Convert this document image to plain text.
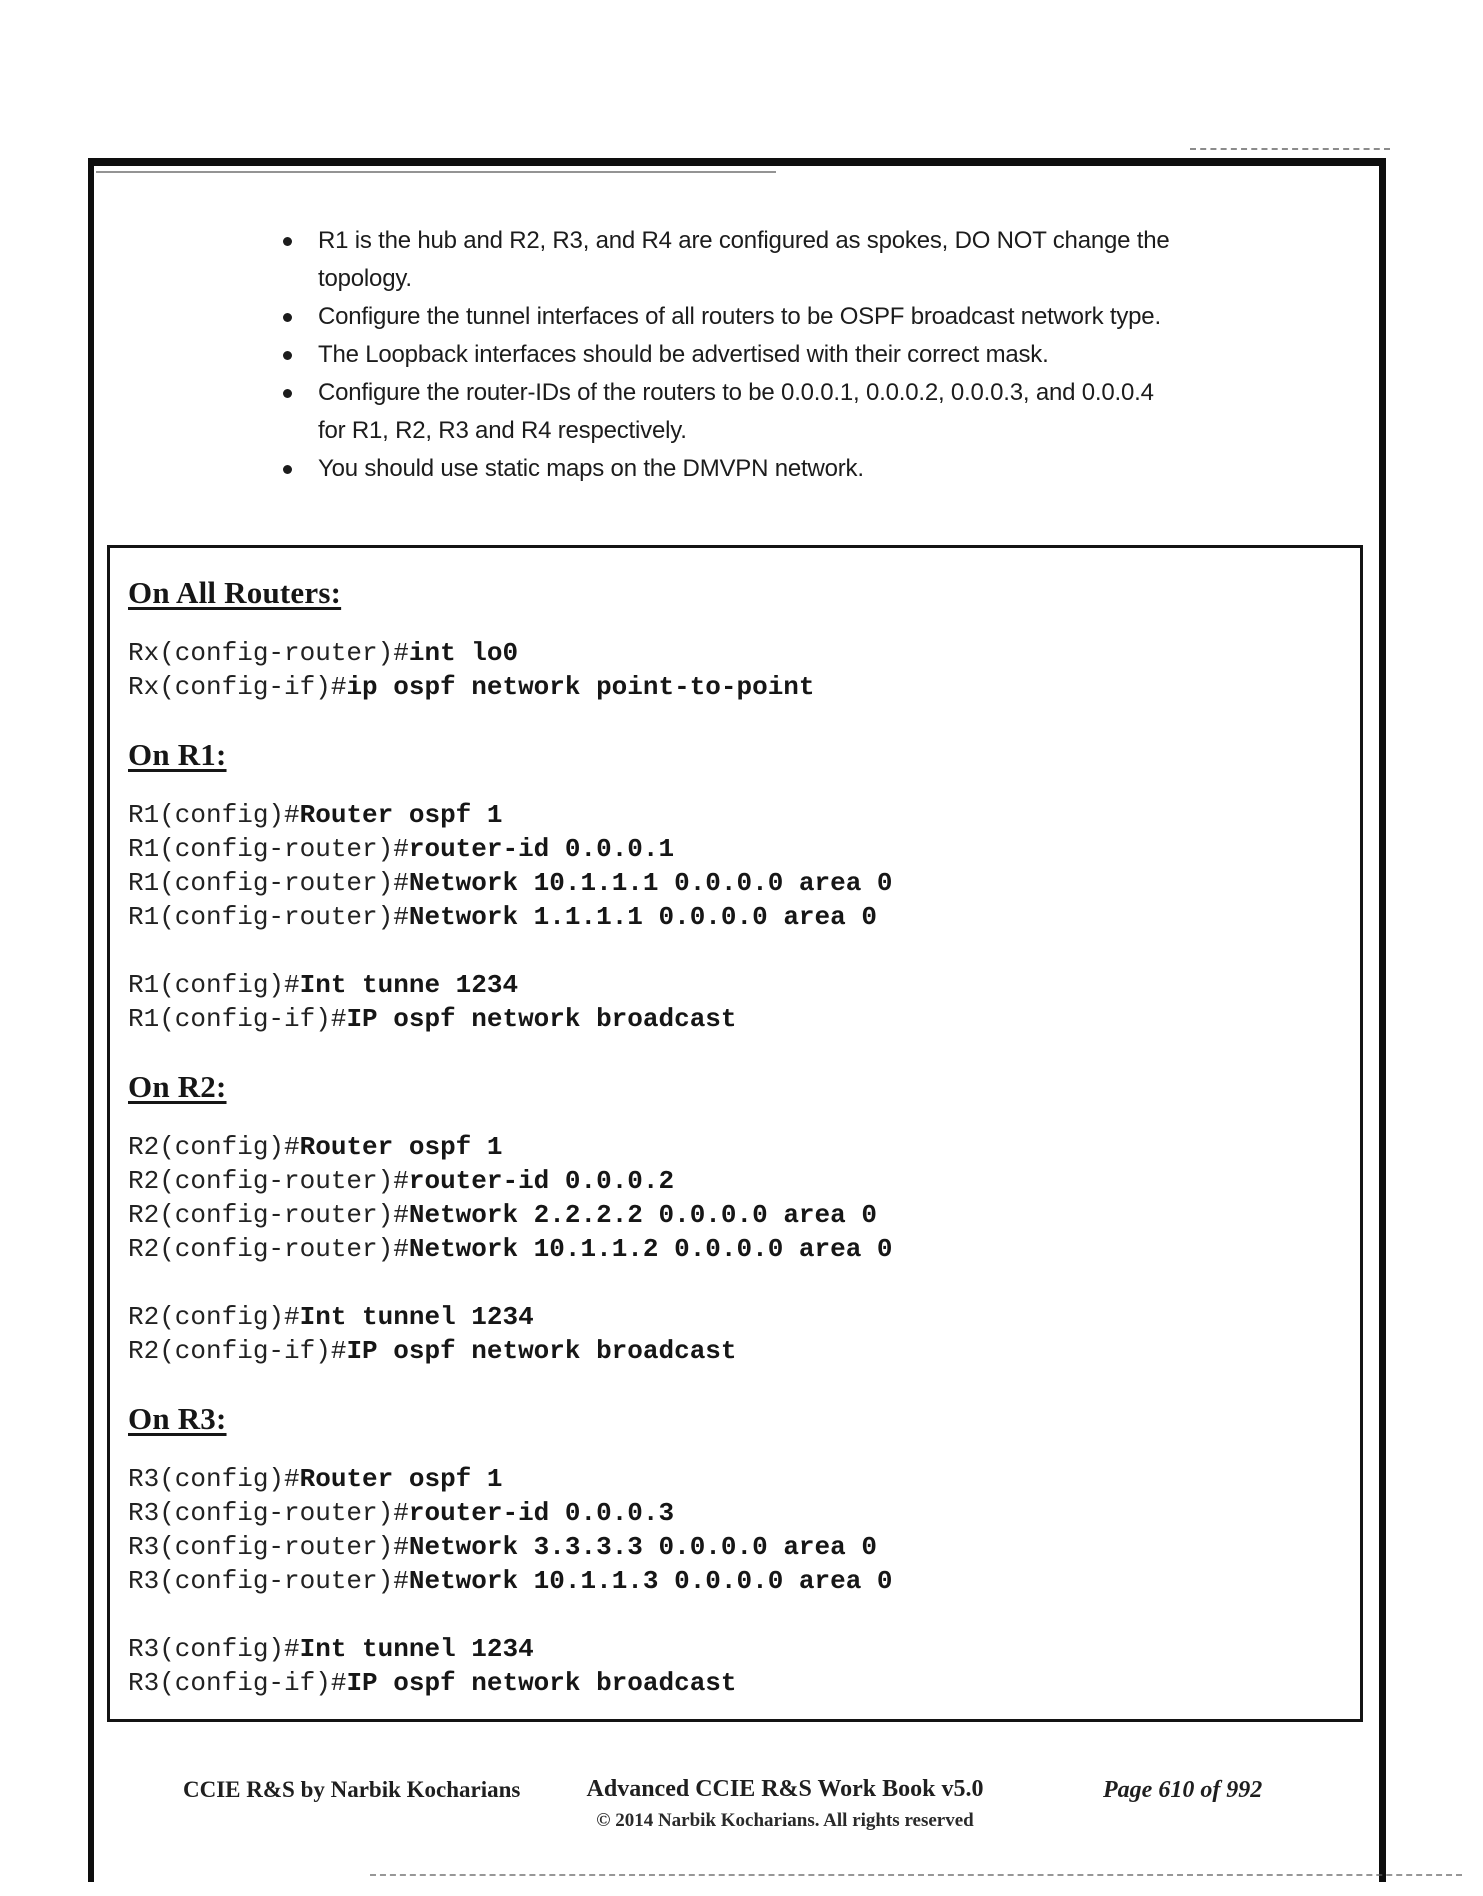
R1 is the hub and R2, R3, and R4 are configured as spokes, DO NOT change the
topology.
Configure the tunnel interfaces of all routers to be OSPF broadcast network type.
The Loopback interfaces should be advertised with their correct mask.
Configure the router-IDs of the routers to be 0.0.0.1, 0.0.0.2, 0.0.0.3, and 0.0.0.4
for R1, R2, R3 and R4 respectively.
You should use static maps on the DMVPN network.
On All Routers:
Rx(config-router)#int lo0
Rx(config-if)#ip ospf network point-to-point
On R1:
R1(config)#Router ospf 1
R1(config-router)#router-id 0.0.0.1
R1(config-router)#Network 10.1.1.1 0.0.0.0 area 0
R1(config-router)#Network 1.1.1.1 0.0.0.0 area 0
R1(config)#Int tunne 1234
R1(config-if)#IP ospf network broadcast
On R2:
R2(config)#Router ospf 1
R2(config-router)#router-id 0.0.0.2
R2(config-router)#Network 2.2.2.2 0.0.0.0 area 0
R2(config-router)#Network 10.1.1.2 0.0.0.0 area 0
R2(config)#Int tunnel 1234
R2(config-if)#IP ospf network broadcast
On R3:
R3(config)#Router ospf 1
R3(config-router)#router-id 0.0.0.3
R3(config-router)#Network 3.3.3.3 0.0.0.0 area 0
R3(config-router)#Network 10.1.1.3 0.0.0.0 area 0
R3(config)#Int tunnel 1234
R3(config-if)#IP ospf network broadcast
CCIE R&S by Narbik Kocharians	Advanced CCIE R&S Work Book v5.0
© 2014 Narbik Kocharians. All rights reserved
Page 610 of 992
